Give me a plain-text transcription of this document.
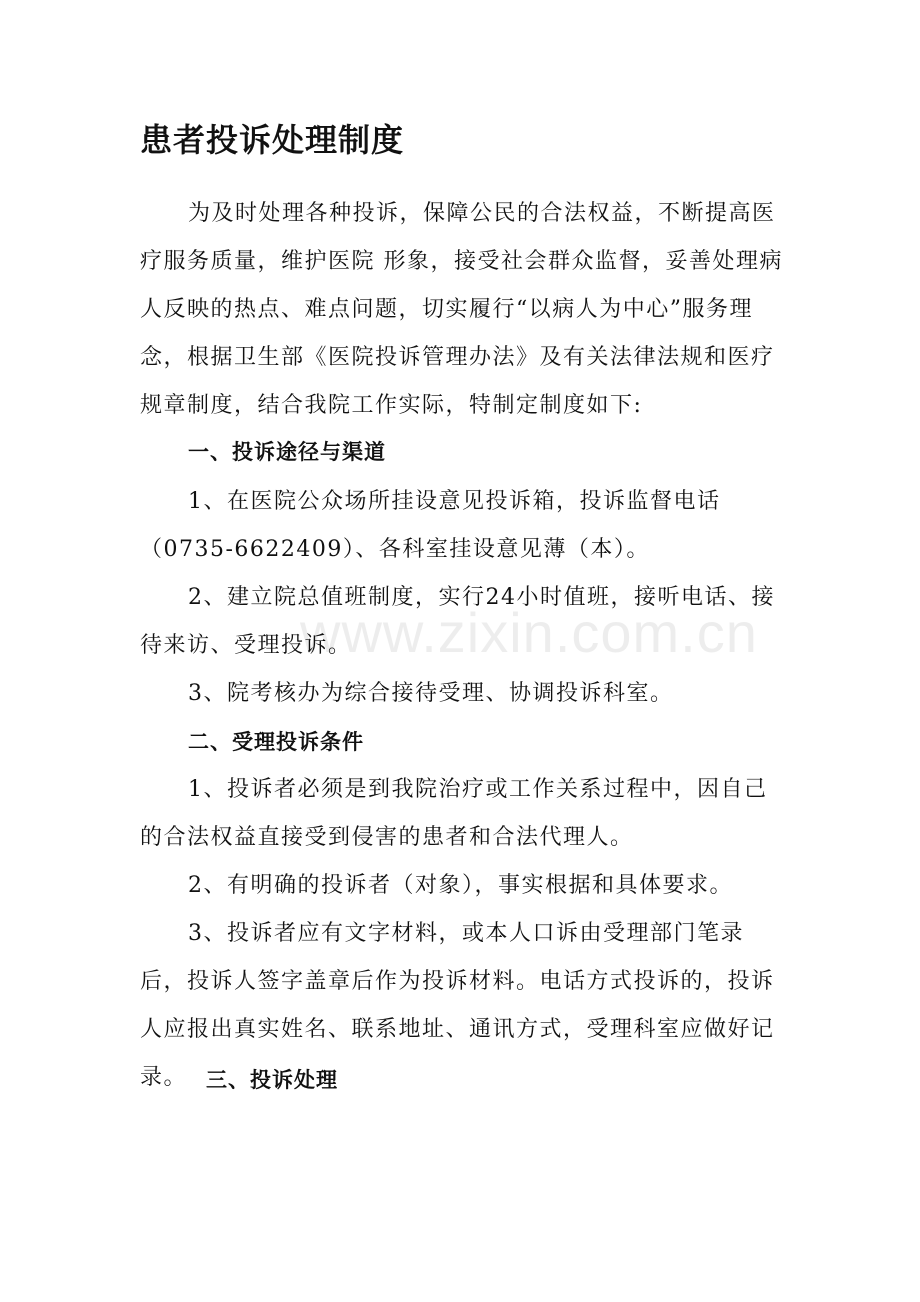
患者投诉处理制度

为及时处理各种投诉，保障公民的合法权益，不断提高医疗服务质量，维护医院 形象，接受社会群众监督，妥善处理病人反映的热点、难点问题，切实履行“以病人为中心”服务理念，根据卫生部《医院投诉管理办法》及有关法律法规和医疗规章制度，结合我院工作实际，特制定制度如下:

一、投诉途径与渠道

1、在医院公众场所挂设意见投诉箱，投诉监督电话（0735-6622409）、各科室挂设意见薄（本）。

2、建立院总值班制度，实行24小时值班，接听电话、接待来访、受理投诉。

3、院考核办为综合接待受理、协调投诉科室。

二、受理投诉条件

1、投诉者必须是到我院治疗或工作关系过程中，因自己的合法权益直接受到侵害的患者和合法代理人。

2、有明确的投诉者（对象），事实根据和具体要求。

3、投诉者应有文字材料，或本人口诉由受理部门笔录后，投诉人签字盖章后作为投诉材料。电话方式投诉的，投诉人应报出真实姓名、联系地址、通讯方式，受理科室应做好记录。 三、投诉处理
www.zixin.com.cn
